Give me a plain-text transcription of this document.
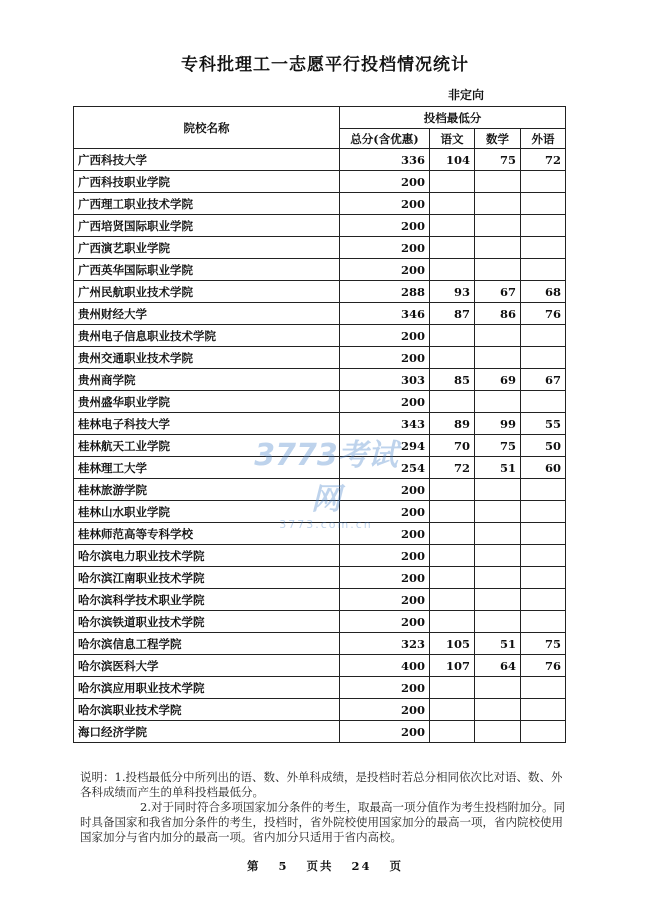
专科批理工一志愿平行投档情况统计
非定向
院校名称	投档最低分			
	总分(含优惠)	语文	数学	外语
广西科技大学	336	104	75	72
广西科技职业学院	200			
广西理工职业技术学院	200			
广西培贤国际职业学院	200			
广西演艺职业学院	200			
广西英华国际职业学院	200			
广州民航职业技术学院	288	93	67	68
贵州财经大学	346	87	86	76
贵州电子信息职业技术学院	200			
贵州交通职业技术学院	200			
贵州商学院	303	85	69	67
贵州盛华职业学院	200			
桂林电子科技大学	343	89	99	55
桂林航天工业学院	294	70	75	50
桂林理工大学	254	72	51	60
桂林旅游学院	200			
桂林山水职业学院	200			
桂林师范高等专科学校	200			
哈尔滨电力职业技术学院	200			
哈尔滨江南职业技术学院	200			
哈尔滨科学技术职业学院	200			
哈尔滨铁道职业技术学院	200			
哈尔滨信息工程学院	323	105	51	75
哈尔滨医科大学	400	107	64	76
哈尔滨应用职业技术学院	200			
哈尔滨职业技术学院	200			
海口经济学院	200			
3773考试网
3773.com.cn

说明：1.投档最低分中所列出的语、数、外单科成绩，是投档时若总分相同依次比对语、数、外各科成绩而产生的单科投档最低分。

2.对于同时符合多项国家加分条件的考生，取最高一项分值作为考生投档附加分。同时具备国家和我省加分条件的考生，投档时，省外院校使用国家加分的最高一项，省内院校使用国家加分与省内加分的最高一项。省内加分只适用于省内高校。

第 5 页共 24 页
